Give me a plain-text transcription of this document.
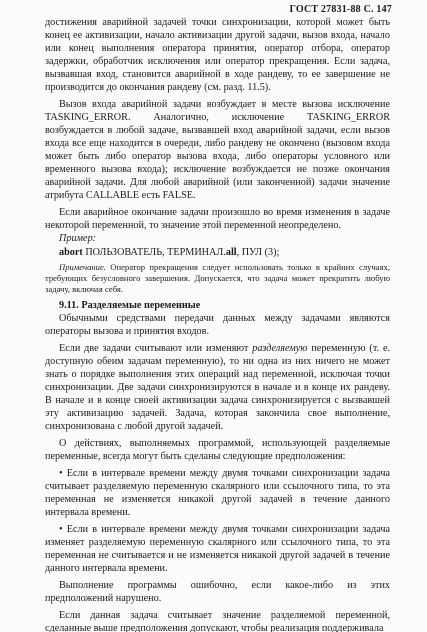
ГОСТ 27831-88 С. 147

достижения аварийной задачей точки синхронизации, которой может быть конец ее активизации, начало активизации другой задачи, вызов входа, начало или конец выполнения оператора принятия, оператор отбора, оператор задержки, обработчик исключения или оператор прекращения. Если задача, вызвавшая вход, становится аварийной в ходе рандеву, то ее завершение не производится до окончания рандеву (см. разд. 11.5).

Вызов входа аварийной задачи возбуждает в месте вызова исключение TASKING_ERROR. Аналогично, исключение TASKING_ERROR возбуждается в любой задаче, вызвавшей вход аварийной задачи, если вызов входа все еще находится в очереди, либо рандеву не окончено (вызовом входа может быть либо оператор вызова входа, либо операторы условного или временного вызова входа); исключение возбуждается не позже окончания аварийной задачи. Для любой аварийной (или законченной) задачи значение атрибута CALLABLE есть FALSE.

Если аварийное окончание задачи произошло во время изменения в задаче некоторой переменной, то значение этой переменной неопределено.

Пример:

abort ПОЛЬЗОВАТЕЛЬ, ТЕРМИНАЛ.all, ПУЛ (3);

Примечание. Оператор прекращения следует использовать только в крайних случаях, требующих безусловного завершения. Допускается, что задача может прекратить любую задачу, включая себя.

9.11. Разделяемые переменные

Обычными средствами передачи данных между задачами являются операторы вызова и принятия входов.

Если две задачи считывают или изменяют разделяемую переменную (т. е. доступную обеим задачам переменную), то ни одна из них ничего не может знать о порядке выполнения этих операций над переменной, исключая точки синхронизации. Две задачи синхронизируются в начале и в конце их рандеву. В начале и в конце своей активизации задача синхронизируется с вызвавшей эту активизацию задачей. Задача, которая закончила свое выполнение, синхронизована с любой другой задачей.

О действиях, выполняемых программой, использующей разделяемые переменные, всегда могут быть сделаны следующие предположения:

• Если в интервале времени между двумя точками синхронизации задача считывает разделяемую переменную скалярного или ссылочного типа, то эта переменная не изменяется никакой другой задачей в течение данного интервала времени.

• Если в интервале времени между двумя точками синхронизации задача изменяет разделяемую переменную скалярного или ссылочного типа, то эта переменная не считывается и не изменяется никакой другой задачей в течение данного интервала времени.

Выполнение программы ошибочно, если какое-либо из этих предположений нарушено.

Если данная задача считывает значение разделяемой переменной, сделанные выше предположения допускают, чтобы реализация поддерживала
